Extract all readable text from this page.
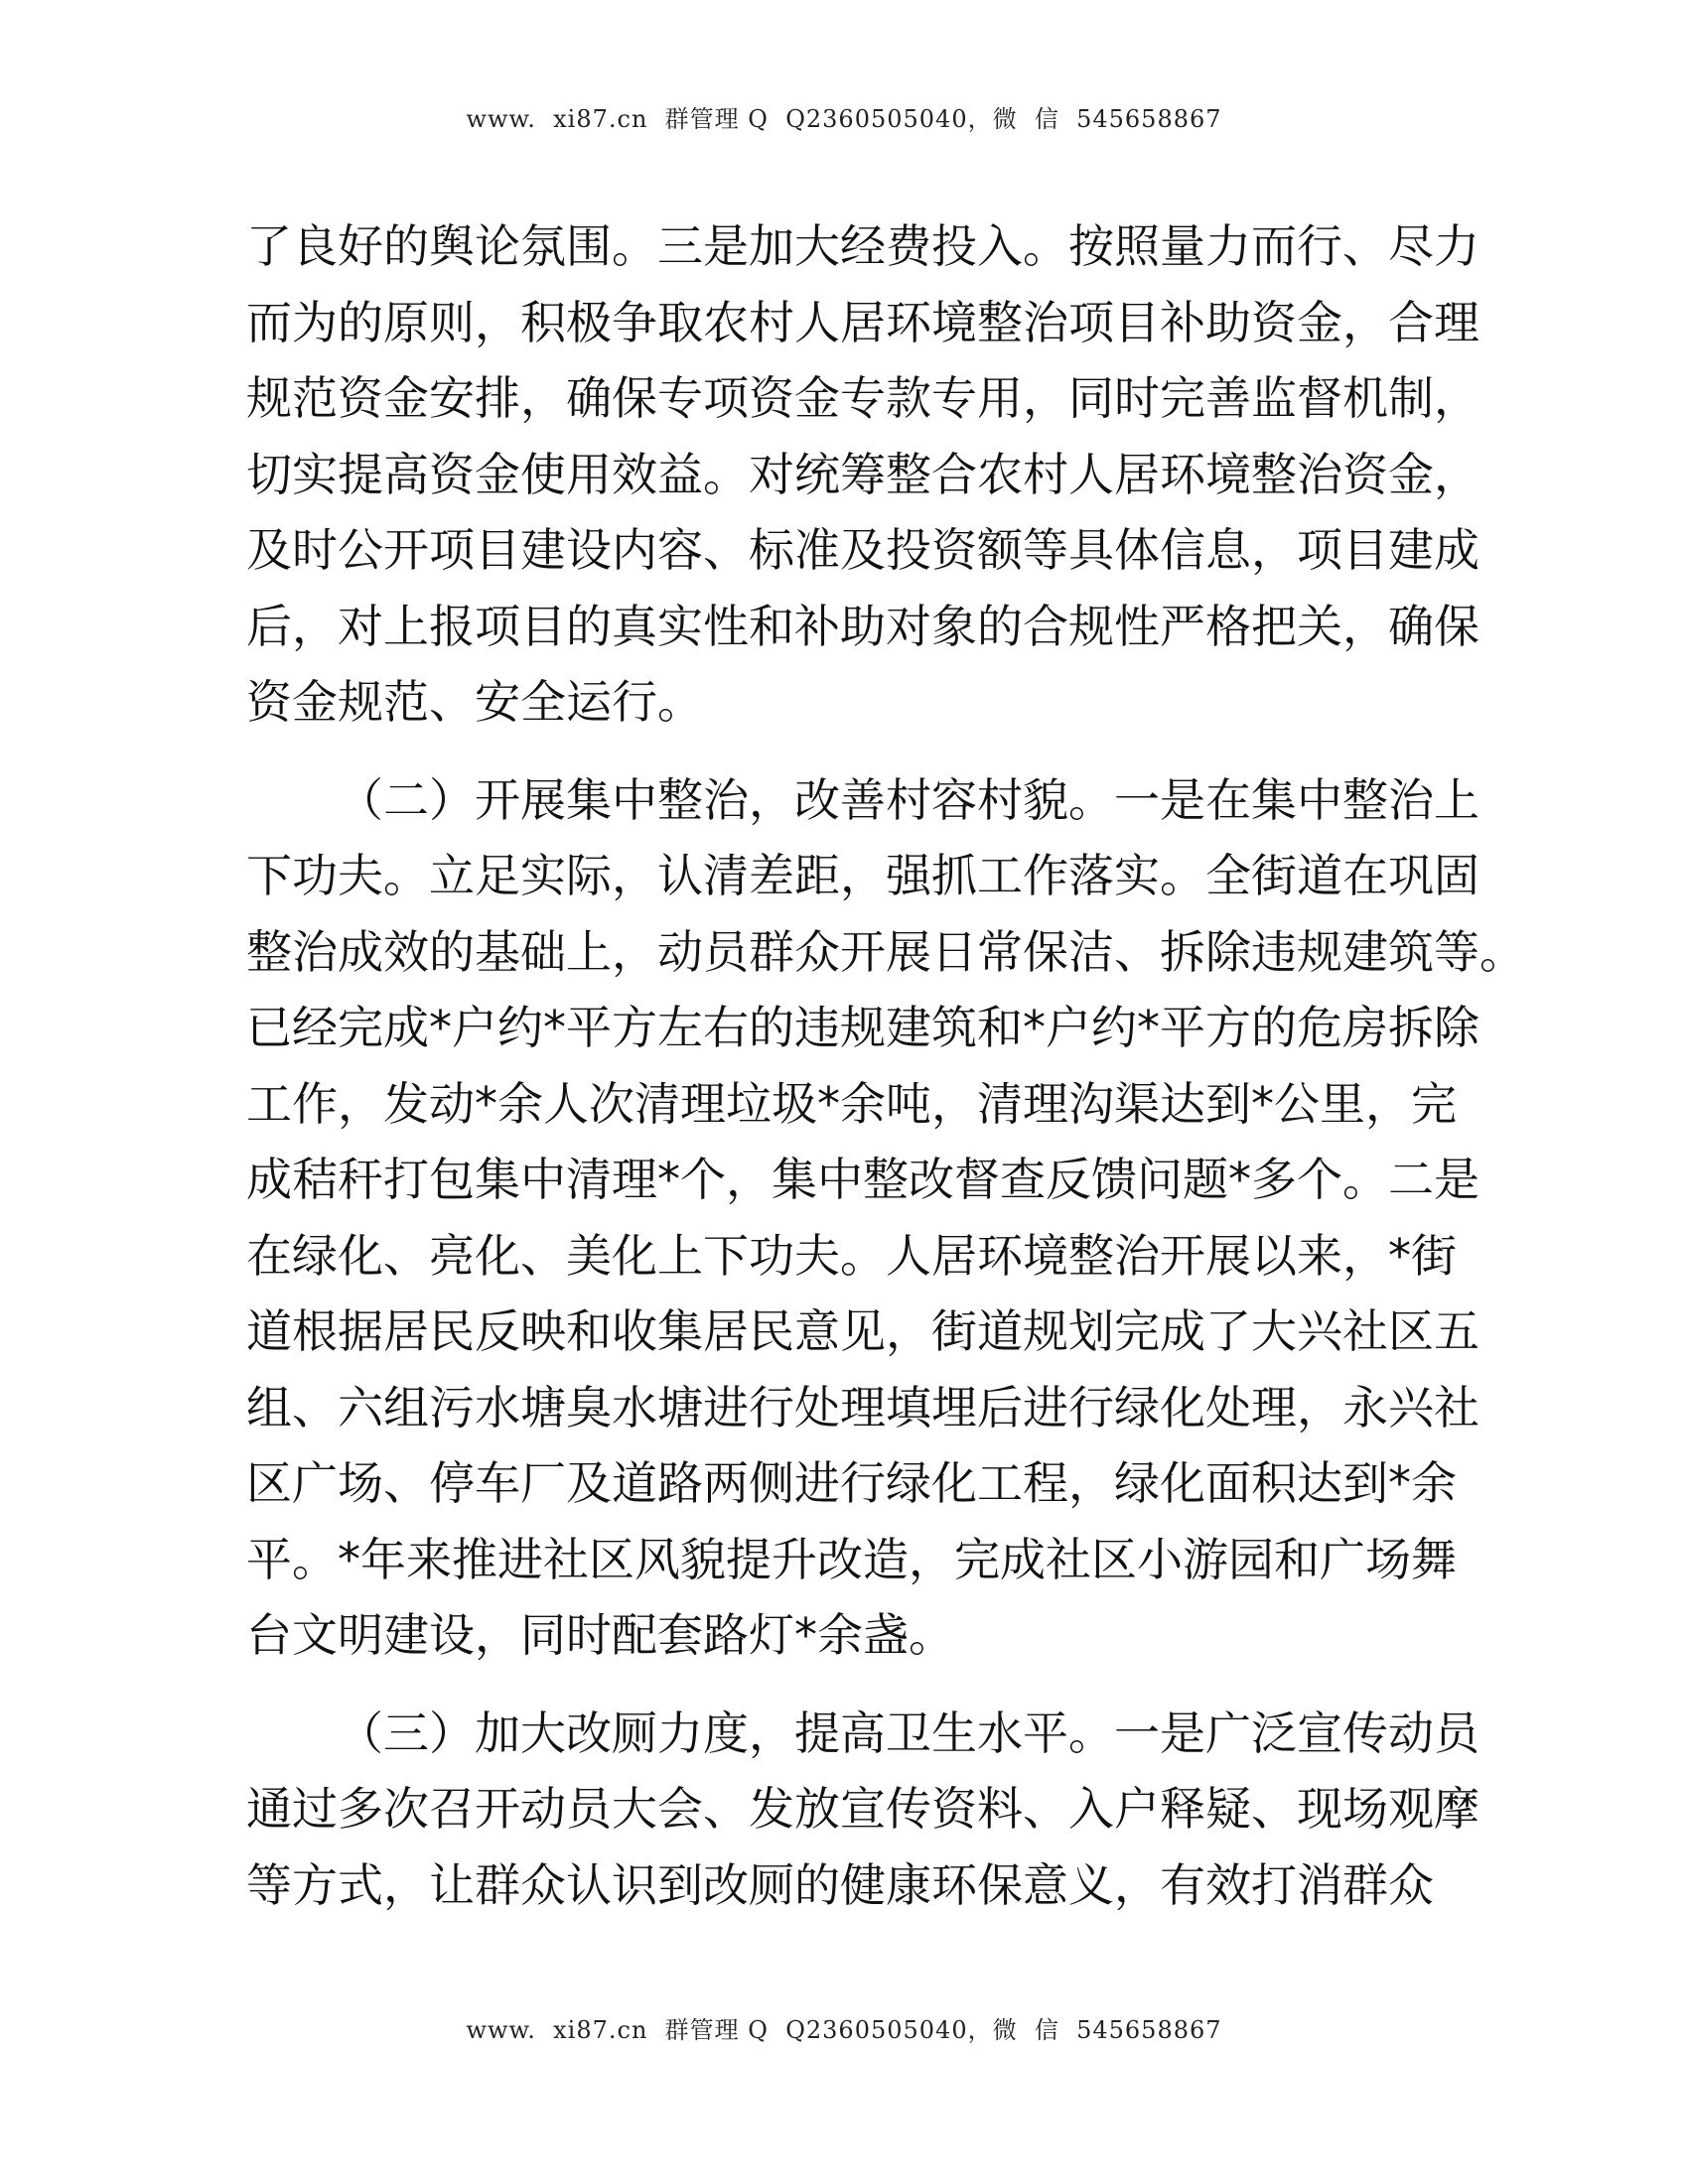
www.  xi87.cn  群管理 Q  Q2360505040，微  信  545658867
了良好的舆论氛围。三是加大经费投入。按照量力而行、尽力
而为的原则，积极争取农村人居环境整治项目补助资金，合理
规范资金安排，确保专项资金专款专用，同时完善监督机制，
切实提高资金使用效益。对统筹整合农村人居环境整治资金，
及时公开项目建设内容、标准及投资额等具体信息，项目建成
后，对上报项目的真实性和补助对象的合规性严格把关，确保
资金规范、安全运行。
（二）开展集中整治，改善村容村貌。一是在集中整治上
下功夫。立足实际，认清差距，强抓工作落实。全街道在巩固
整治成效的基础上，动员群众开展日常保洁、拆除违规建筑等。
已经完成*户约*平方左右的违规建筑和*户约*平方的危房拆除
工作，发动*余人次清理垃圾*余吨，清理沟渠达到*公里，完
成秸秆打包集中清理*个，集中整改督查反馈问题*多个。二是
在绿化、亮化、美化上下功夫。人居环境整治开展以来，*街
道根据居民反映和收集居民意见，街道规划完成了大兴社区五
组、六组污水塘臭水塘进行处理填埋后进行绿化处理，永兴社
区广场、停车厂及道路两侧进行绿化工程，绿化面积达到*余
平。*年来推进社区风貌提升改造，完成社区小游园和广场舞
台文明建设，同时配套路灯*余盏。
（三）加大改厕力度，提高卫生水平。一是广泛宣传动员
通过多次召开动员大会、发放宣传资料、入户释疑、现场观摩
等方式，让群众认识到改厕的健康环保意义，有效打消群众
www.  xi87.cn  群管理 Q  Q2360505040，微  信  545658867
